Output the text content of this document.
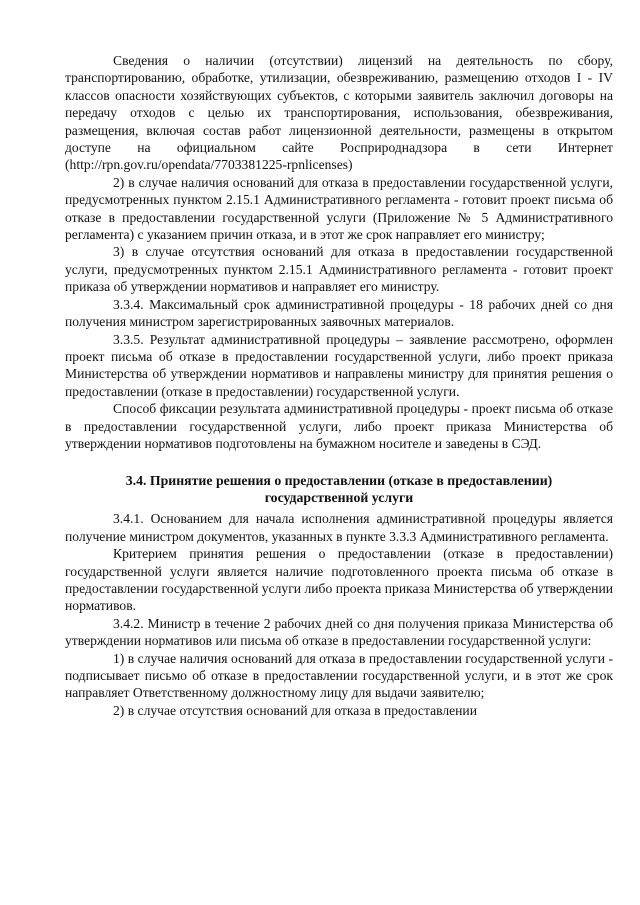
Сведения о наличии (отсутствии) лицензий на деятельность по сбору, транспортированию, обработке, утилизации, обезвреживанию, размещению отходов I - IV классов опасности хозяйствующих субъектов, с которыми заявитель заключил договоры на передачу отходов с целью их транспортирования, использования, обезвреживания, размещения, включая состав работ лицензионной деятельности, размещены в открытом доступе на официальном сайте Росприроднадзора в сети Интернет (http://rpn.gov.ru/opendata/7703381225-rpnlicenses)

2) в случае наличия оснований для отказа в предоставлении государственной услуги, предусмотренных пунктом 2.15.1 Административного регламента - готовит проект письма об отказе в предоставлении государственной услуги (Приложение № 5 Административного регламента) с указанием причин отказа, и в этот же срок направляет его министру;

3) в случае отсутствия оснований для отказа в предоставлении государственной услуги, предусмотренных пунктом 2.15.1 Административного регламента - готовит проект приказа об утверждении нормативов и направляет его министру.

3.3.4. Максимальный срок административной процедуры - 18 рабочих дней со дня получения министром зарегистрированных заявочных материалов.

3.3.5. Результат административной процедуры – заявление рассмотрено, оформлен проект письма об отказе в предоставлении государственной услуги, либо проект приказа Министерства об утверждении нормативов и направлены министру для принятия решения о предоставлении (отказе в предоставлении) государственной услуги.

Способ фиксации результата административной процедуры - проект письма об отказе в предоставлении государственной услуги, либо проект приказа Министерства об утверждении нормативов подготовлены на бумажном носителе и заведены в СЭД.

3.4. Принятие решения о предоставлении (отказе в предоставлении)
государственной услуги

3.4.1. Основанием для начала исполнения административной процедуры является получение министром документов, указанных в пункте 3.3.3 Административного регламента.

Критерием принятия решения о предоставлении (отказе в предоставлении) государственной услуги является наличие подготовленного проекта письма об отказе в предоставлении государственной услуги либо проекта приказа Министерства об утверждении нормативов.

3.4.2. Министр в течение 2 рабочих дней со дня получения приказа Министерства об утверждении нормативов или письма об отказе в предоставлении государственной услуги:

1) в случае наличия оснований для отказа в предоставлении государственной услуги - подписывает письмо об отказе в предоставлении государственной услуги, и в этот же срок направляет Ответственному должностному лицу для выдачи заявителю;

2) в случае отсутствия оснований для отказа в предоставлении
